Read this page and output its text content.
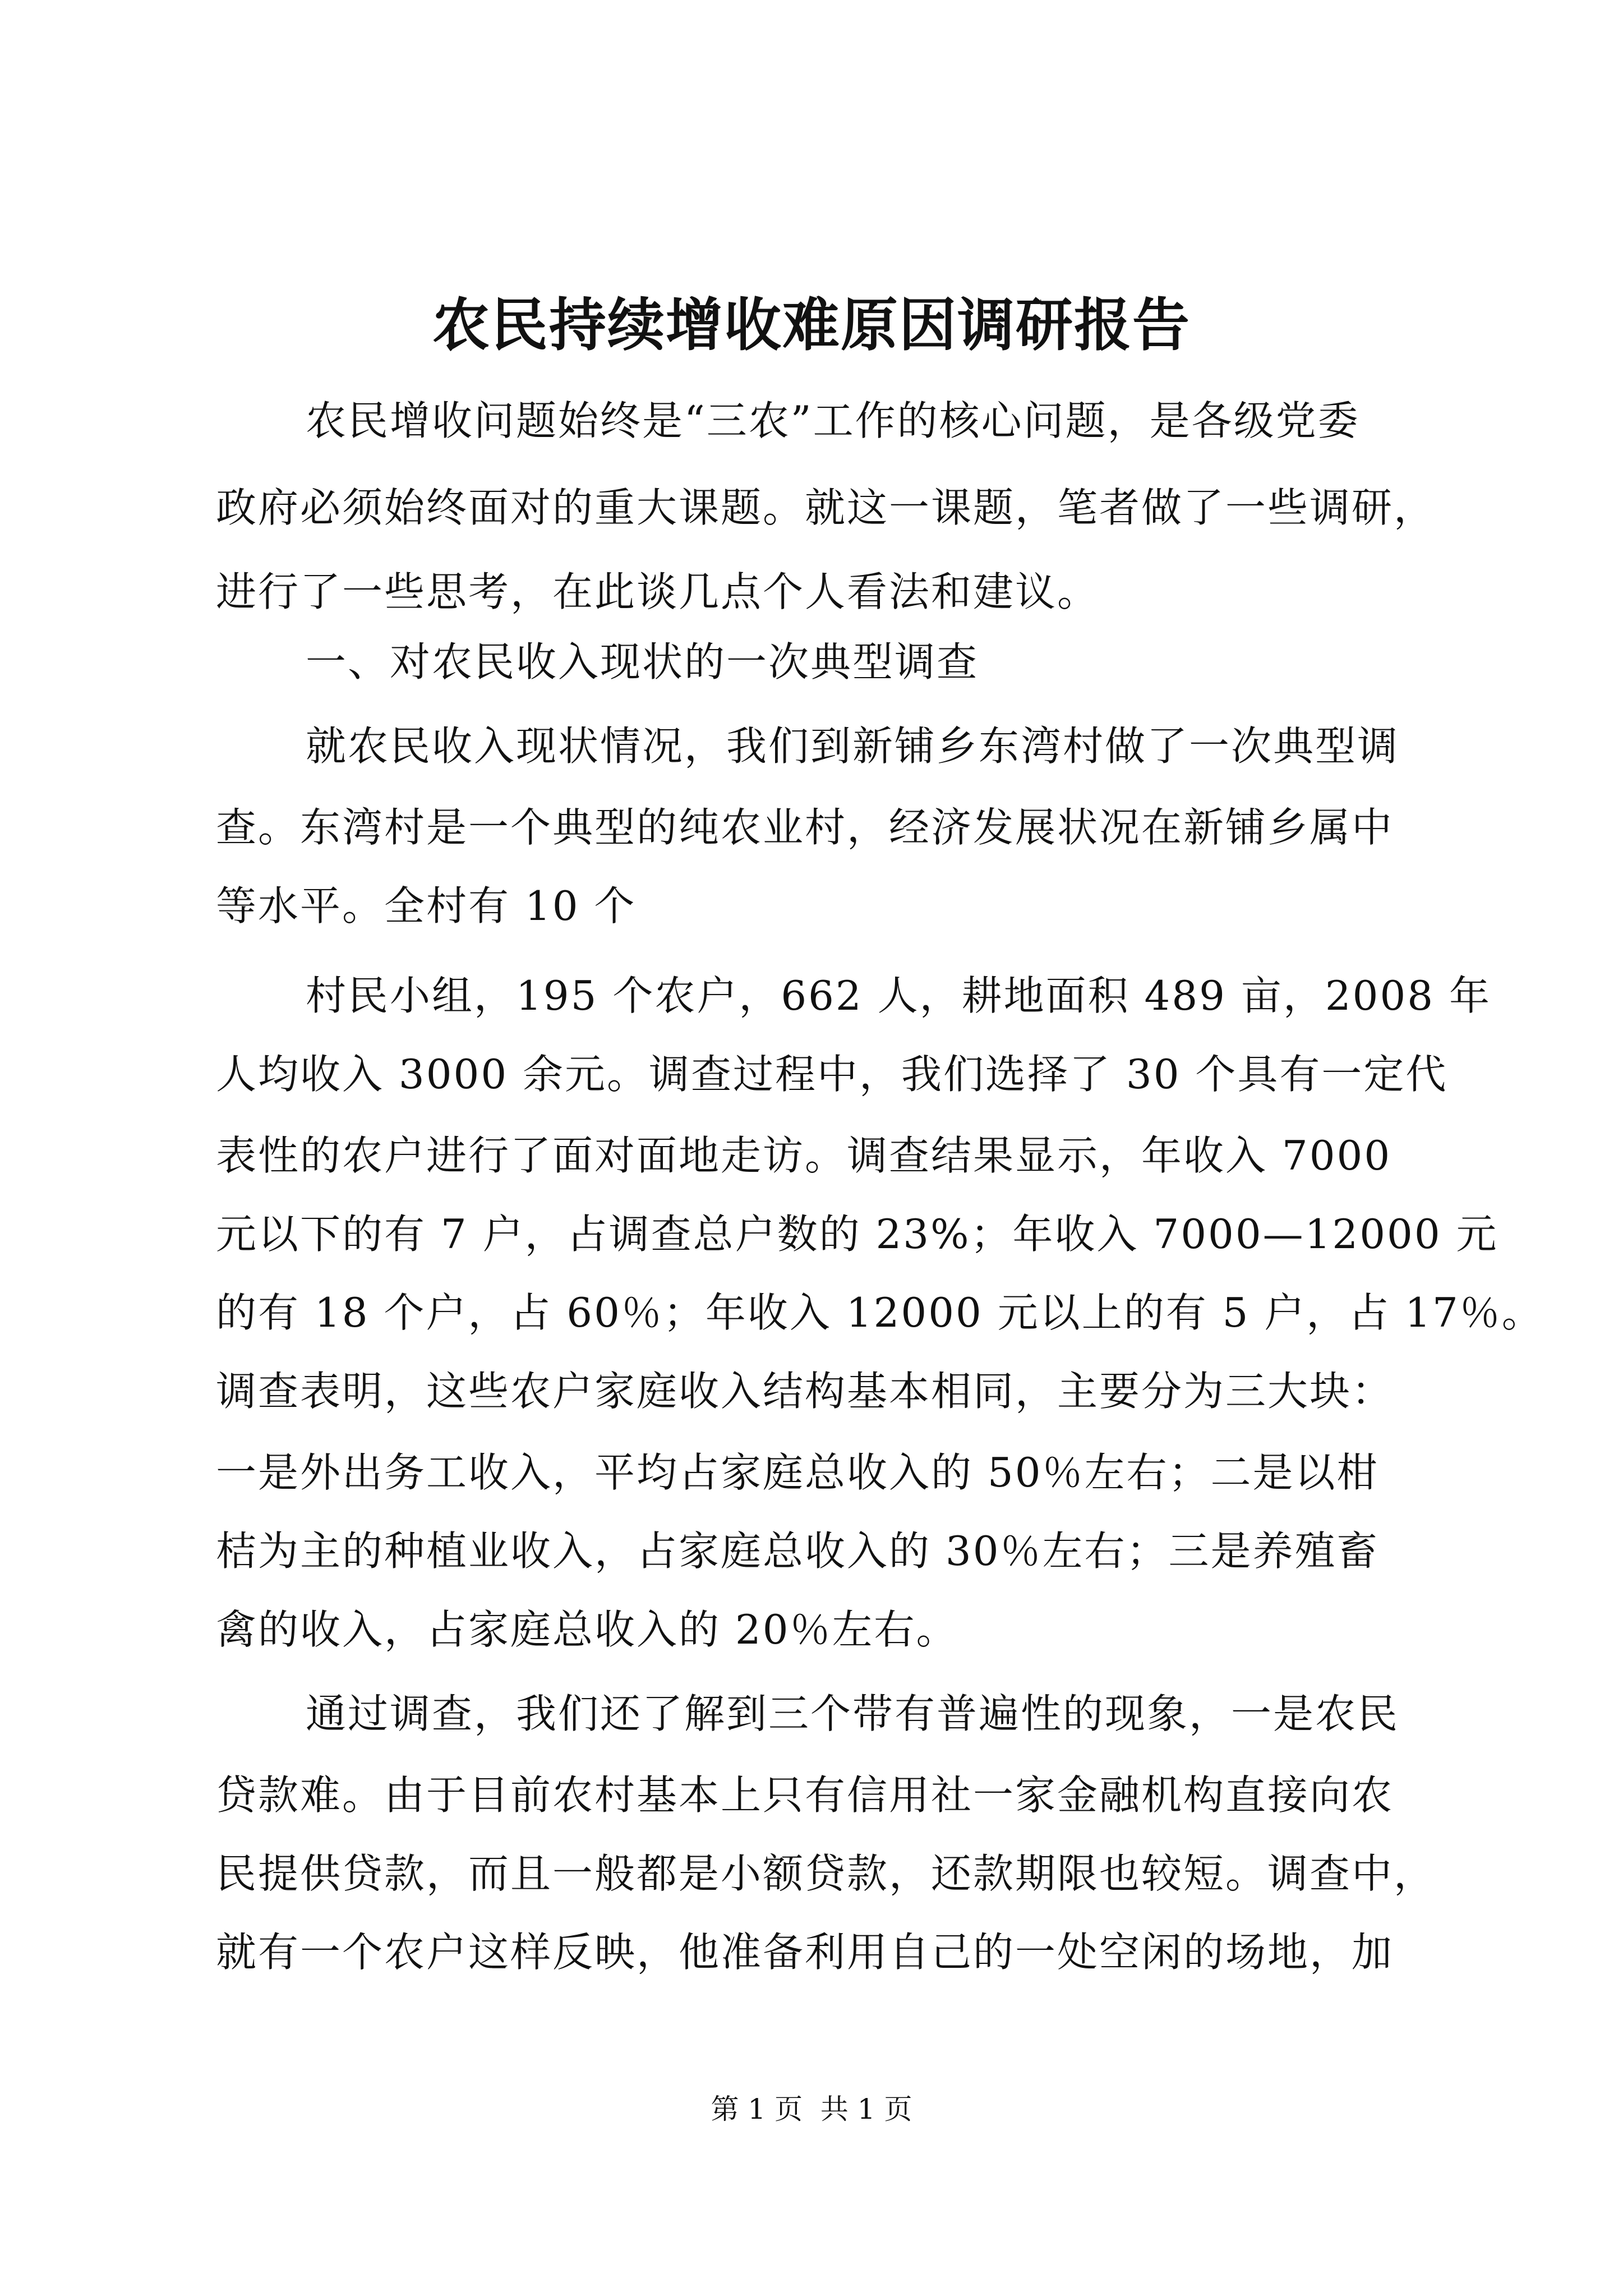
农民持续增收难原因调研报告

农民增收问题始终是“三农”工作的核心问题，是各级党委

政府必须始终面对的重大课题。就这一课题，笔者做了一些调研，

进行了一些思考，在此谈几点个人看法和建议。

一、对农民收入现状的一次典型调查

就农民收入现状情况，我们到新铺乡东湾村做了一次典型调

查。东湾村是一个典型的纯农业村，经济发展状况在新铺乡属中

等水平。全村有 10 个

村民小组，195 个农户，662 人，耕地面积 489 亩，2008 年

人均收入 3000 余元。调查过程中，我们选择了 30 个具有一定代

表性的农户进行了面对面地走访。调查结果显示，年收入 7000

元以下的有 7 户，占调查总户数的 23%；年收入 7000—12000 元

的有 18 个户，占 60％；年收入 12000 元以上的有 5 户，占 17％。

调查表明，这些农户家庭收入结构基本相同，主要分为三大块：

一是外出务工收入，平均占家庭总收入的 50％左右；二是以柑

桔为主的种植业收入，占家庭总收入的 30％左右；三是养殖畜

禽的收入，占家庭总收入的 20％左右。

通过调查，我们还了解到三个带有普遍性的现象，一是农民

贷款难。由于目前农村基本上只有信用社一家金融机构直接向农

民提供贷款，而且一般都是小额贷款，还款期限也较短。调查中，

就有一个农户这样反映，他准备利用自己的一处空闲的场地，加

第 1 页  共 1 页
